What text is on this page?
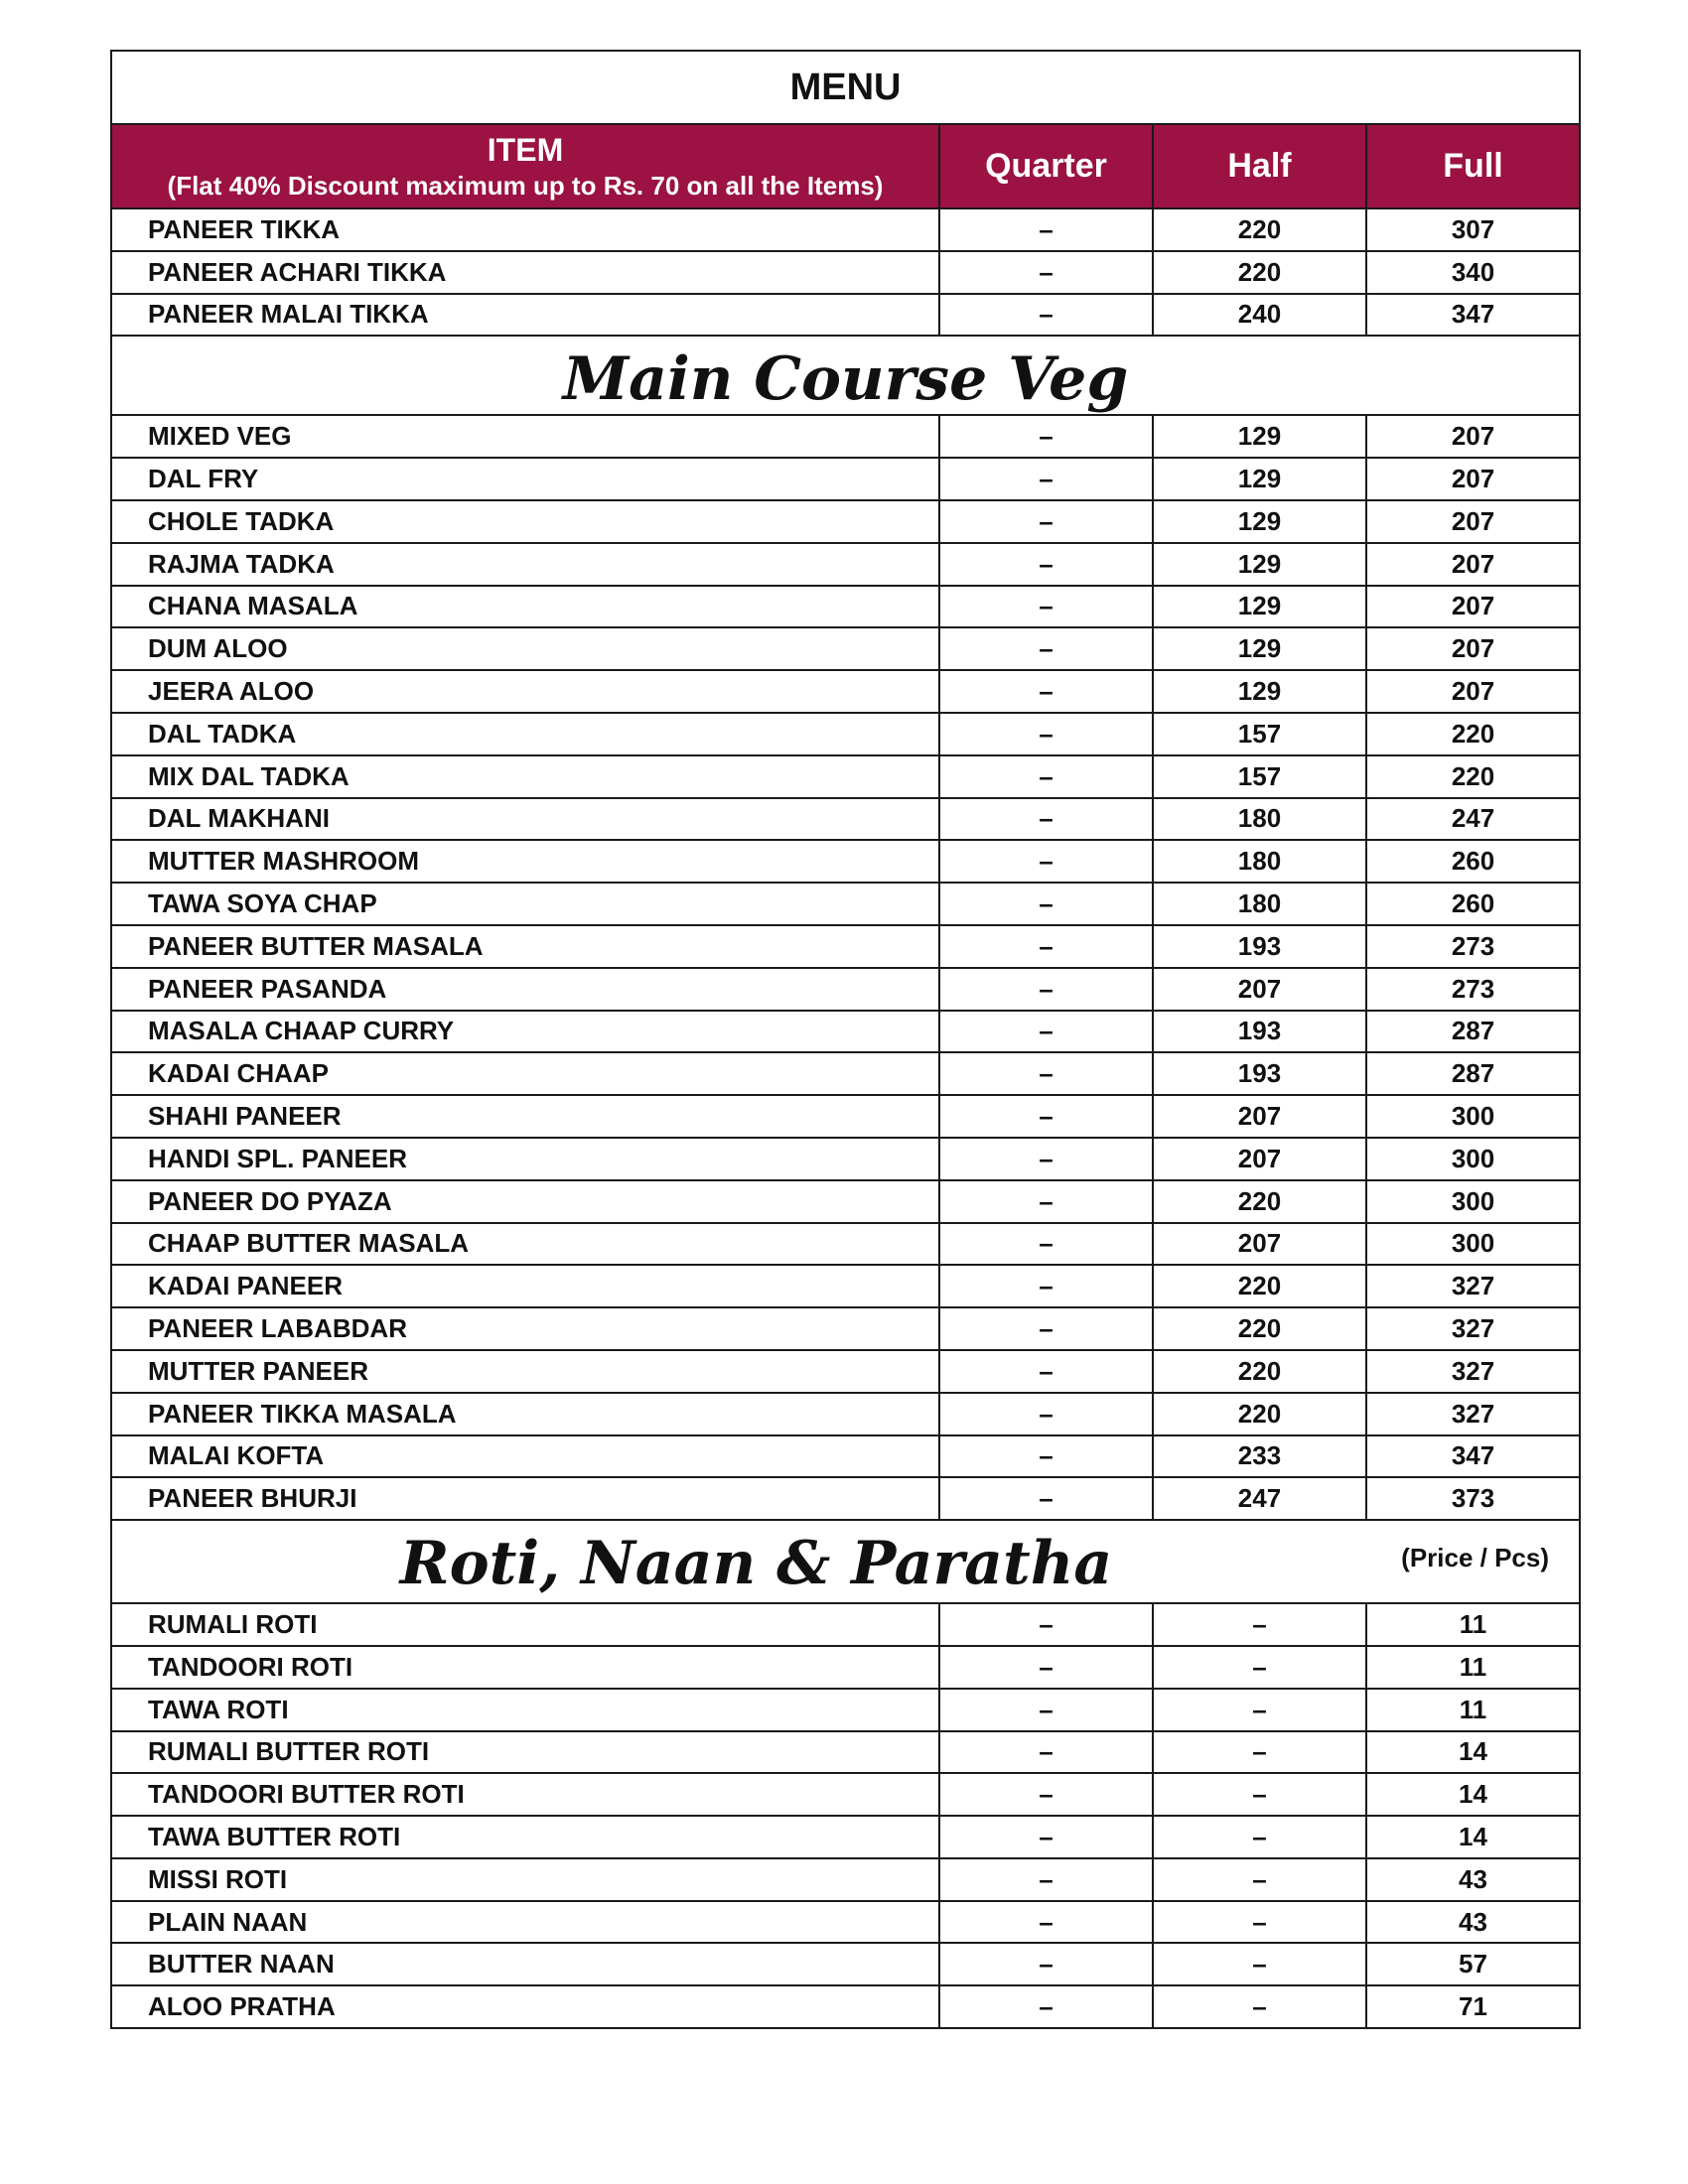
MENU			

ITEM
(Flat 40% Discount maximum up to Rs. 70 on all the Items)	Quarter	Half	Full
PANEER TIKKA	–	220	307
PANEER ACHARI TIKKA	–	220	340
PANEER MALAI TIKKA	–	240	347

Main Course Veg			

MIXED VEG	–	129	207
DAL FRY	–	129	207
CHOLE TADKA	–	129	207
RAJMA TADKA	–	129	207
CHANA MASALA	–	129	207
DUM ALOO	–	129	207
JEERA ALOO	–	129	207
DAL TADKA	–	157	220
MIX DAL TADKA	–	157	220
DAL MAKHANI	–	180	247
MUTTER MASHROOM	–	180	260
TAWA SOYA CHAP	–	180	260
PANEER BUTTER MASALA	–	193	273
PANEER PASANDA	–	207	273
MASALA CHAAP CURRY	–	193	287
KADAI CHAAP	–	193	287
SHAHI PANEER	–	207	300
HANDI SPL. PANEER	–	207	300
PANEER DO PYAZA	–	220	300
CHAAP BUTTER MASALA	–	207	300
KADAI PANEER	–	220	327
PANEER LABABDAR	–	220	327
MUTTER PANEER	–	220	327
PANEER TIKKA MASALA	–	220	327
MALAI KOFTA	–	233	347
PANEER BHURJI	–	247	373

Roti, Naan & Paratha (Price / Pcs)			

RUMALI ROTI	–	–	11
TANDOORI ROTI	–	–	11
TAWA ROTI	–	–	11
RUMALI BUTTER ROTI	–	–	14
TANDOORI BUTTER ROTI	–	–	14
TAWA BUTTER ROTI	–	–	14
MISSI ROTI	–	–	43
PLAIN NAAN	–	–	43
BUTTER NAAN	–	–	57
ALOO PRATHA	–	–	71
